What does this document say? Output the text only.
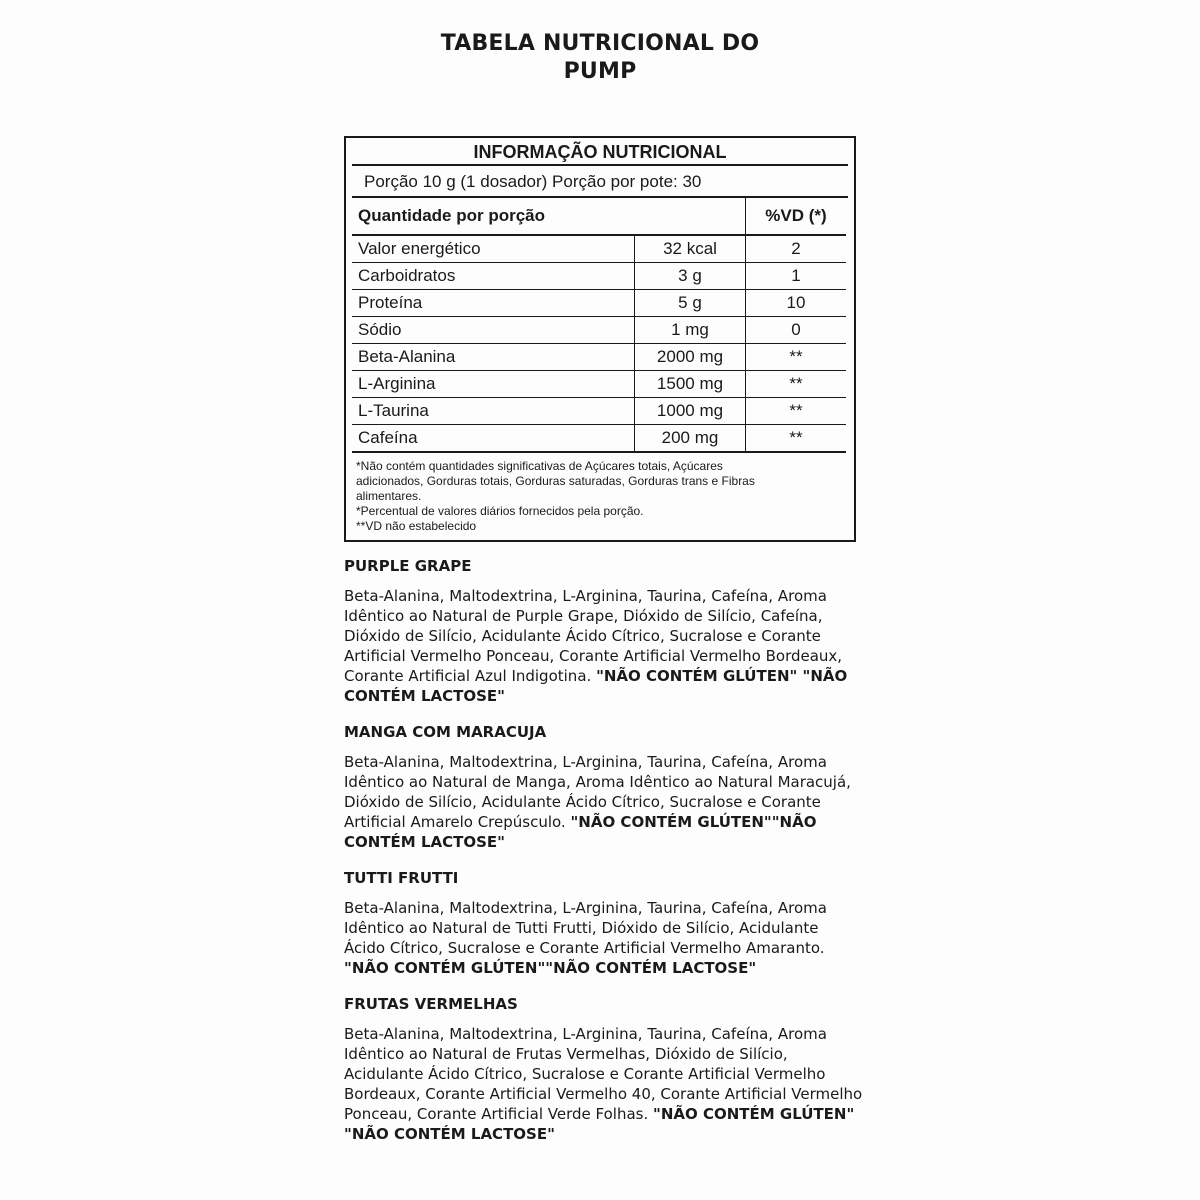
TABELA NUTRICIONAL DO
PUMP
INFORMAÇÃO NUTRICIONAL
Porção 10 g (1 dosador) Porção por pote: 30
Quantidade por porção		%VD (*)
Valor energético	32 kcal	2
Carboidratos	3 g	1
Proteína	5 g	10
Sódio	1 mg	0
Beta-Alanina	2000 mg	**
L-Arginina	1500 mg	**
L-Taurina	1000 mg	**
Cafeína	200 mg	**
*Não contém quantidades significativas de Açúcares totais, Açúcares
adicionados, Gorduras totais, Gorduras saturadas, Gorduras trans e Fibras
alimentares.
*Percentual de valores diários fornecidos pela porção.
**VD não estabelecido
PURPLE GRAPE
Beta-Alanina, Maltodextrina, L-Arginina, Taurina, Cafeína, Aroma Idêntico ao Natural de Purple Grape, Dióxido de Silício, Cafeína, Dióxido de Silício, Acidulante Ácido Cítrico, Sucralose e Corante Artificial Vermelho Ponceau, Corante Artificial Vermelho Bordeaux, Corante Artificial Azul Indigotina. "NÃO CONTÉM GLÚTEN" "NÃO CONTÉM LACTOSE"
MANGA COM MARACUJA
Beta-Alanina, Maltodextrina, L-Arginina, Taurina, Cafeína, Aroma Idêntico ao Natural de Manga, Aroma Idêntico ao Natural Maracujá, Dióxido de Silício, Acidulante Ácido Cítrico, Sucralose e Corante Artificial Amarelo Crepúsculo. "NÃO CONTÉM GLÚTEN""NÃO CONTÉM LACTOSE"
TUTTI FRUTTI
Beta-Alanina, Maltodextrina, L-Arginina, Taurina, Cafeína, Aroma Idêntico ao Natural de Tutti Frutti, Dióxido de Silício, Acidulante Ácido Cítrico, Sucralose e Corante Artificial Vermelho Amaranto. "NÃO CONTÉM GLÚTEN""NÃO CONTÉM LACTOSE"
FRUTAS VERMELHAS
Beta-Alanina, Maltodextrina, L-Arginina, Taurina, Cafeína, Aroma Idêntico ao Natural de Frutas Vermelhas, Dióxido de Silício, Acidulante Ácido Cítrico, Sucralose e Corante Artificial Vermelho Bordeaux, Corante Artificial Vermelho 40, Corante Artificial Vermelho Ponceau, Corante Artificial Verde Folhas. "NÃO CONTÉM GLÚTEN" "NÃO CONTÉM LACTOSE"
